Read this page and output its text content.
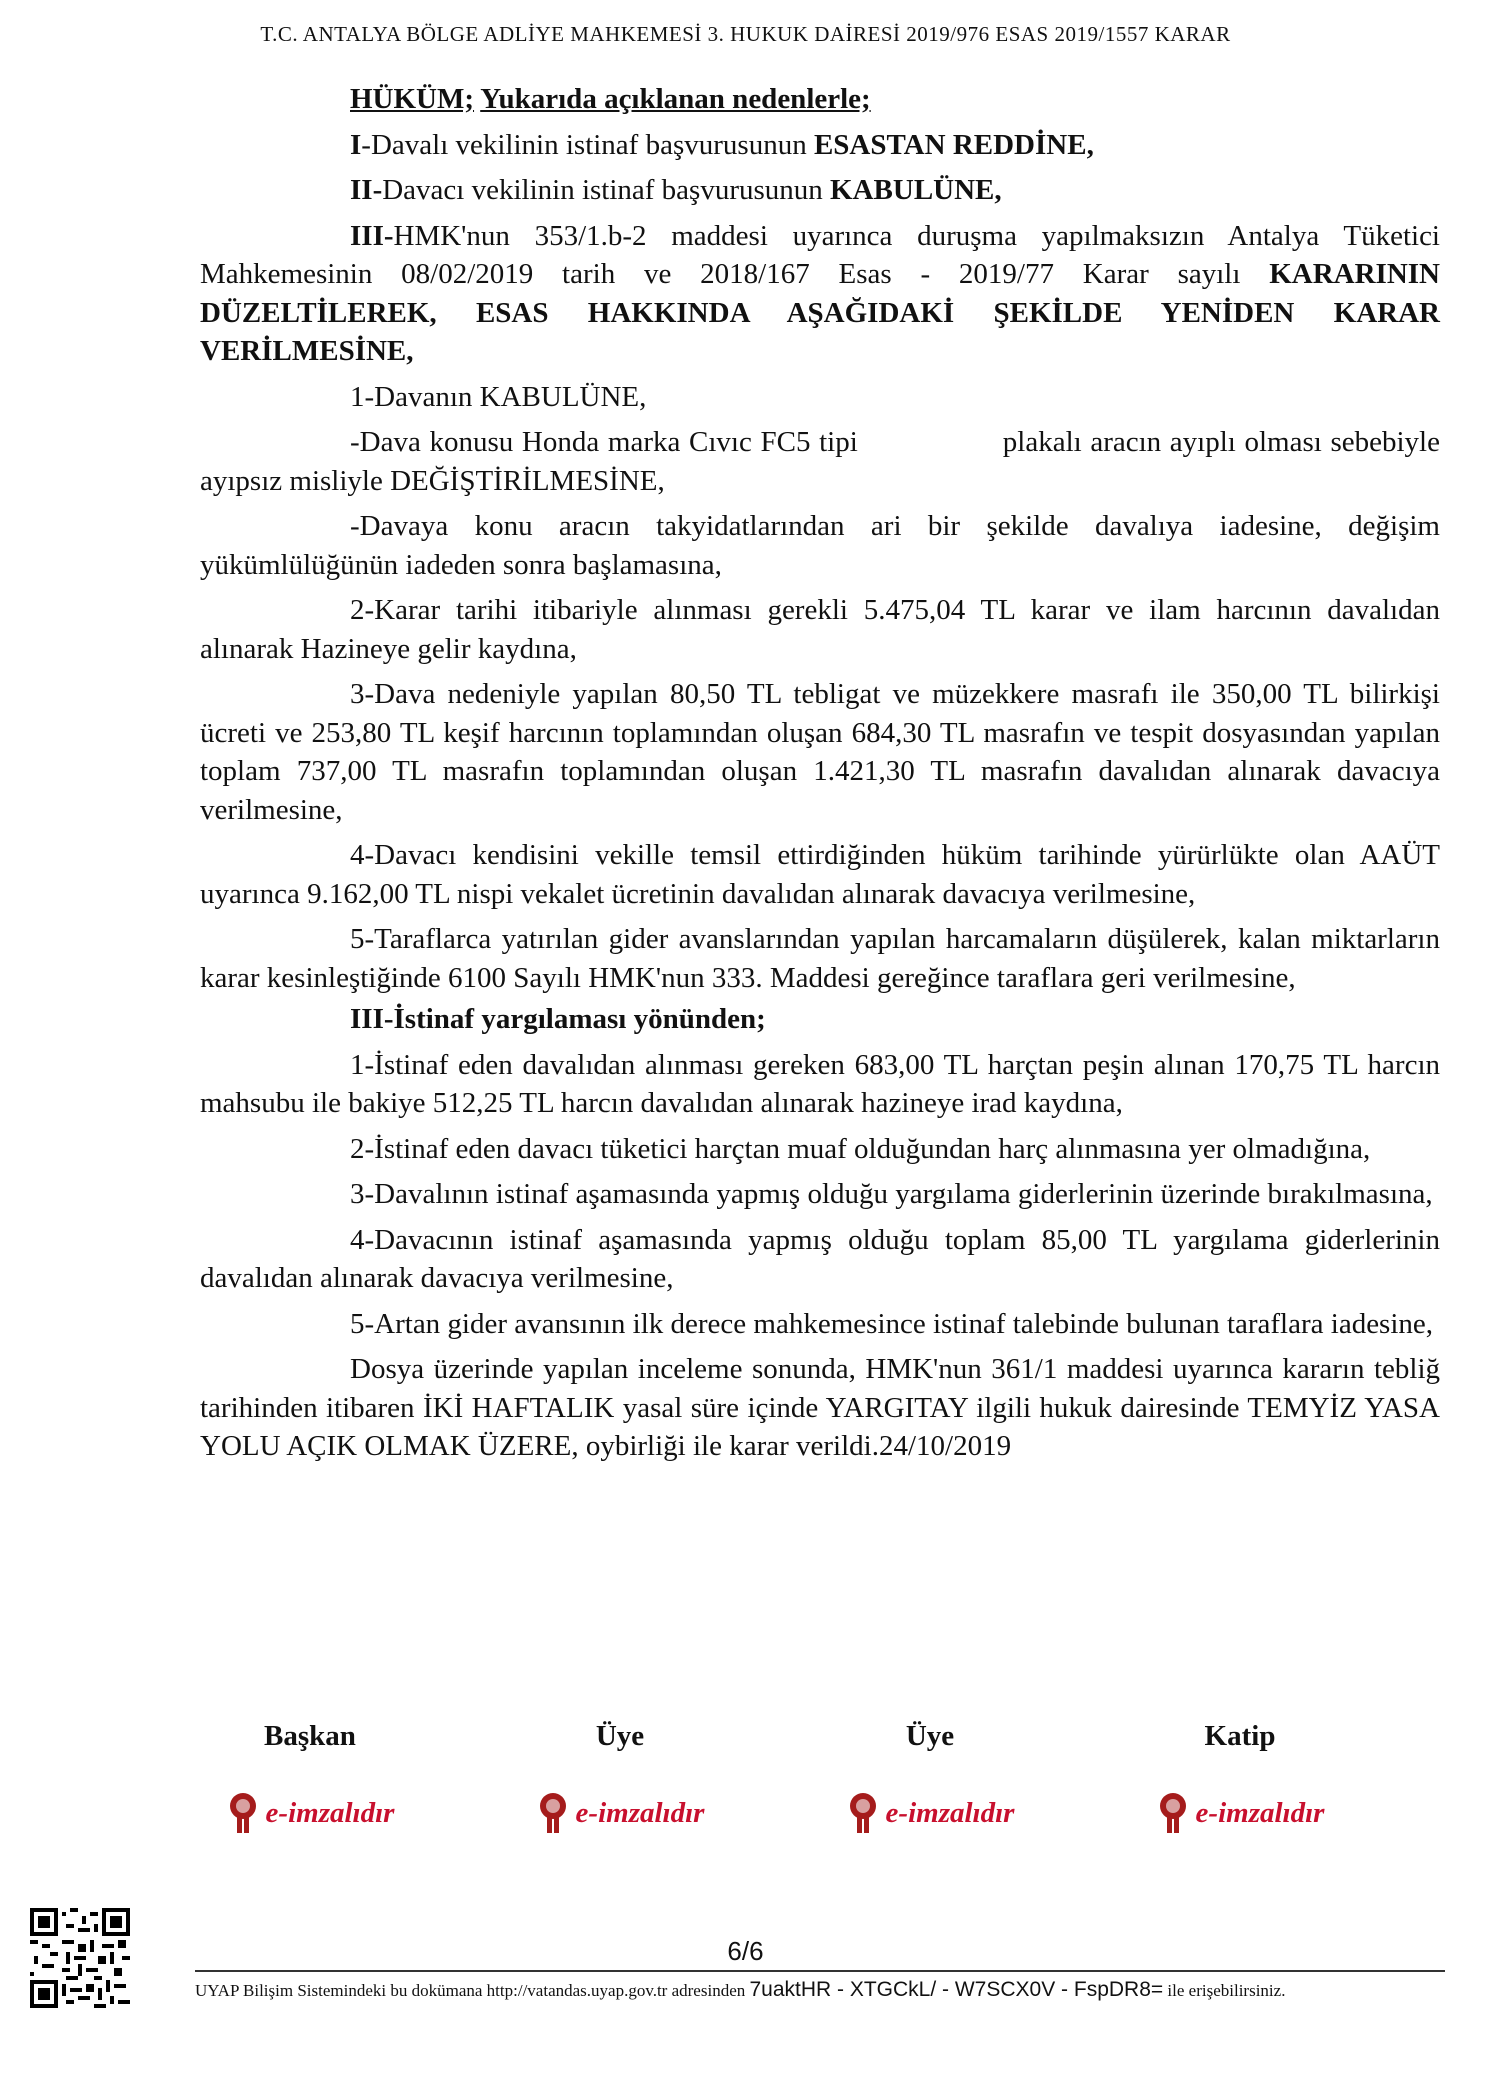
T.C. ANTALYA BÖLGE ADLİYE MAHKEMESİ 3. HUKUK DAİRESİ 2019/976 ESAS 2019/1557 KARAR

HÜKÜM; Yukarıda açıklanan nedenlerle;

I-Davalı vekilinin istinaf başvurusunun ESASTAN REDDİNE,

II-Davacı vekilinin istinaf başvurusunun KABULÜNE,

III-HMK'nun 353/1.b-2 maddesi uyarınca duruşma yapılmaksızın Antalya Tüketici Mahkemesinin 08/02/2019 tarih ve 2018/167 Esas - 2019/77 Karar sayılı KARARININ DÜZELTİLEREK, ESAS HAKKINDA AŞAĞIDAKİ ŞEKİLDE YENİDEN KARAR VERİLMESİNE,

1-Davanın KABULÜNE,

-Dava konusu Honda marka Cıvıc FC5 tipi	plakalı aracın ayıplı olması sebebiyle ayıpsız misliyle DEĞİŞTİRİLMESİNE,

-Davaya konu aracın takyidatlarından ari bir şekilde davalıya iadesine, değişim yükümlülüğünün iadeden sonra başlamasına,

2-Karar tarihi itibariyle alınması gerekli 5.475,04 TL karar ve ilam harcının davalıdan alınarak Hazineye gelir kaydına,

3-Dava nedeniyle yapılan 80,50 TL tebligat ve müzekkere masrafı ile 350,00 TL bilirkişi ücreti ve 253,80 TL keşif harcının toplamından oluşan 684,30 TL masrafın ve tespit dosyasından yapılan toplam 737,00 TL masrafın toplamından oluşan 1.421,30 TL masrafın davalıdan alınarak davacıya verilmesine,

4-Davacı kendisini vekille temsil ettirdiğinden hüküm tarihinde yürürlükte olan AAÜT uyarınca 9.162,00 TL nispi vekalet ücretinin davalıdan alınarak davacıya verilmesine,

5-Taraflarca yatırılan gider avanslarından yapılan harcamaların düşülerek, kalan miktarların karar kesinleştiğinde 6100 Sayılı HMK'nun 333. Maddesi gereğince taraflara geri verilmesine,

III-İstinaf yargılaması yönünden;

1-İstinaf eden davalıdan alınması gereken 683,00 TL harçtan peşin alınan 170,75 TL harcın mahsubu ile bakiye 512,25 TL harcın davalıdan alınarak hazineye irad kaydına,

2-İstinaf eden davacı tüketici harçtan muaf olduğundan harç alınmasına yer olmadığına,

3-Davalının istinaf aşamasında yapmış olduğu yargılama giderlerinin üzerinde bırakılmasına,

4-Davacının istinaf aşamasında yapmış olduğu toplam 85,00 TL yargılama giderlerinin davalıdan alınarak davacıya verilmesine,

5-Artan gider avansının ilk derece mahkemesince istinaf talebinde bulunan taraflara iadesine,

Dosya üzerinde yapılan inceleme sonunda, HMK'nun 361/1 maddesi uyarınca kararın tebliğ tarihinden itibaren İKİ HAFTALIK yasal süre içinde YARGITAY ilgili hukuk dairesinde TEMYİZ YASA YOLU AÇIK OLMAK ÜZERE, oybirliği ile karar verildi.24/10/2019

Başkan
e-imzalıdır
Üye
e-imzalıdır
Üye
e-imzalıdır
Katip
e-imzalıdır
6/6
UYAP Bilişim Sistemindeki bu dokümana http://vatandas.uyap.gov.tr adresinden 7uaktHR - XTGCkL/ - W7SCX0V - FspDR8= ile erişebilirsiniz.
